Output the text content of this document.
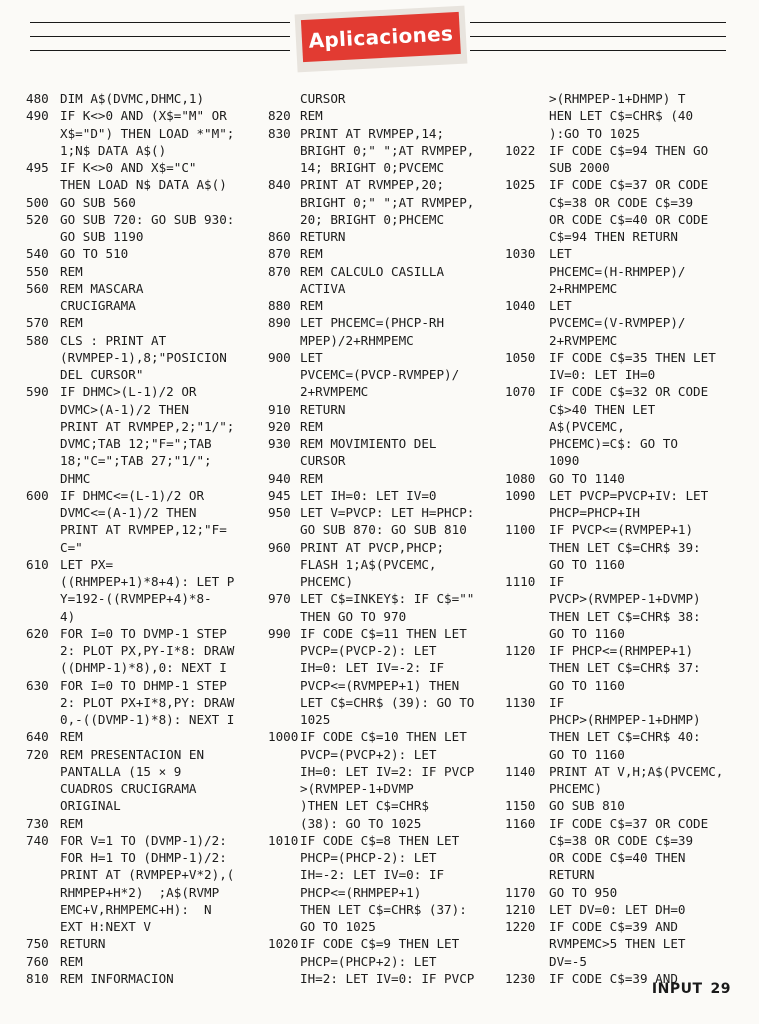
Aplicaciones
480 DIM A$(DVMC,DHMC,1)
490 IF K<>0 AND (X$="M" OR
X$="D") THEN LOAD *"M";
1;N$ DATA A$()
495 IF K<>0 AND X$="C"
THEN LOAD N$ DATA A$()
500 GO SUB 560
520 GO SUB 720: GO SUB 930:
GO SUB 1190
540 GO TO 510
550 REM
560 REM MASCARA
CRUCIGRAMA
570 REM
580 CLS : PRINT AT
(RVMPEP-1),8;"POSICION
DEL CURSOR"
590 IF DHMC>(L-1)/2 OR
DVMC>(A-1)/2 THEN
PRINT AT RVMPEP,2;"1/";
DVMC;TAB 12;"F=";TAB
18;"C=";TAB 27;"1/";
DHMC
600 IF DHMC<=(L-1)/2 OR
DVMC<=(A-1)/2 THEN
PRINT AT RVMPEP,12;"F=
C="
610 LET PX=
((RHMPEP+1)*8+4): LET P
Y=192-((RVMPEP+4)*8-
4)
620 FOR I=0 TO DVMP-1 STEP
2: PLOT PX,PY-I*8: DRAW
((DHMP-1)*8),0: NEXT I
630 FOR I=0 TO DHMP-1 STEP
2: PLOT PX+I*8,PY: DRAW
0,-((DVMP-1)*8): NEXT I
640 REM
720 REM PRESENTACION EN
PANTALLA (15 × 9
CUADROS CRUCIGRAMA
ORIGINAL
730 REM
740 FOR V=1 TO (DVMP-1)/2:
FOR H=1 TO (DHMP-1)/2:
PRINT AT (RVMPEP+V*2),(
RHMPEP+H*2)  ;A$(RVMP
EMC+V,RHMPEMC+H):  N
EXT H:NEXT V
750 RETURN
760 REM
810 REM INFORMACION
CURSOR
820 REM
830 PRINT AT RVMPEP,14;
BRIGHT 0;" ";AT RVMPEP,
14; BRIGHT 0;PVCEMC
840 PRINT AT RVMPEP,20;
BRIGHT 0;" ";AT RVMPEP,
20; BRIGHT 0;PHCEMC
860 RETURN
870 REM
870 REM CALCULO CASILLA
ACTIVA
880 REM
890 LET PHCEMC=(PHCP-RH
MPEP)/2+RHMPEMC
900 LET
PVCEMC=(PVCP-RVMPEP)/
2+RVMPEMC
910 RETURN
920 REM
930 REM MOVIMIENTO DEL
CURSOR
940 REM
945 LET IH=0: LET IV=0
950 LET V=PVCP: LET H=PHCP:
GO SUB 870: GO SUB 810
960 PRINT AT PVCP,PHCP;
FLASH 1;A$(PVCEMC,
PHCEMC)
970 LET C$=INKEY$: IF C$=""
THEN GO TO 970
990 IF CODE C$=11 THEN LET
PVCP=(PVCP-2): LET
IH=0: LET IV=-2: IF
PVCP<=(RVMPEP+1) THEN
LET C$=CHR$ (39): GO TO
1025
1000 IF CODE C$=10 THEN LET
PVCP=(PVCP+2): LET
IH=0: LET IV=2: IF PVCP
>(RVMPEP-1+DVMP
)THEN LET C$=CHR$
(38): GO TO 1025
1010 IF CODE C$=8 THEN LET
PHCP=(PHCP-2): LET
IH=-2: LET IV=0: IF
PHCP<=(RHMPEP+1)
THEN LET C$=CHR$ (37):
GO TO 1025
1020 IF CODE C$=9 THEN LET
PHCP=(PHCP+2): LET
IH=2: LET IV=0: IF PVCP
>(RHMPEP-1+DHMP) T
HEN LET C$=CHR$ (40
):GO TO 1025
1022	IF CODE C$=94 THEN GO
SUB 2000
1025	IF CODE C$=37 OR CODE
C$=38 OR CODE C$=39
OR CODE C$=40 OR CODE
C$=94 THEN RETURN
1030	LET
PHCEMC=(H-RHMPEP)/
2+RHMPEMC
1040	LET
PVCEMC=(V-RVMPEP)/
2+RVMPEMC
1050	IF CODE C$=35 THEN LET
IV=0: LET IH=0
1070	IF CODE C$=32 OR CODE
C$>40 THEN LET
A$(PVCEMC,
PHCEMC)=C$: GO TO
1090
1080	GO TO 1140
1090	LET PVCP=PVCP+IV: LET
PHCP=PHCP+IH
1100	IF PVCP<=(RVMPEP+1)
THEN LET C$=CHR$ 39:
GO TO 1160
1110	IF
PVCP>(RVMPEP-1+DVMP)
THEN LET C$=CHR$ 38:
GO TO 1160
1120	IF PHCP<=(RHMPEP+1)
THEN LET C$=CHR$ 37:
GO TO 1160
1130	IF
PHCP>(RHMPEP-1+DHMP)
THEN LET C$=CHR$ 40:
GO TO 1160
1140	PRINT AT V,H;A$(PVCEMC,
PHCEMC)
1150	GO SUB 810
1160	IF CODE C$=37 OR CODE
C$=38 OR CODE C$=39
OR CODE C$=40 THEN
RETURN
1170	GO TO 950
1210	LET DV=0: LET DH=0
1220	IF CODE C$=39 AND
RVMPEMC>5 THEN LET
DV=-5
1230	IF CODE C$=39 AND
INPUT 29
